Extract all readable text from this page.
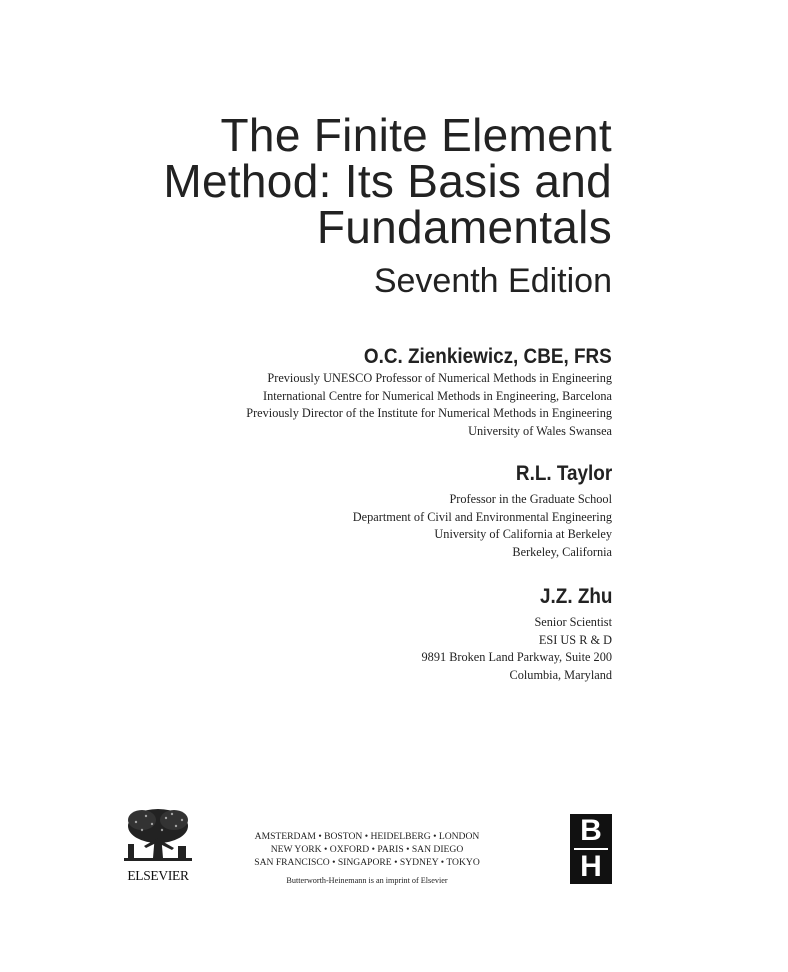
The Finite Element
Method: Its Basis and
Fundamentals
Seventh Edition
O.C. Zienkiewicz, CBE, FRS
Previously UNESCO Professor of Numerical Methods in Engineering
International Centre for Numerical Methods in Engineering, Barcelona
Previously Director of the Institute for Numerical Methods in Engineering
University of Wales Swansea
R.L. Taylor
Professor in the Graduate School
Department of Civil and Environmental Engineering
University of California at Berkeley
Berkeley, California
J.Z. Zhu
Senior Scientist
ESI US R & D
9891 Broken Land Parkway, Suite 200
Columbia, Maryland
ELSEVIER
AMSTERDAM • BOSTON • HEIDELBERG • LONDON
NEW YORK • OXFORD • PARIS • SAN DIEGO
SAN FRANCISCO • SINGAPORE • SYDNEY • TOKYO
Butterworth-Heinemann is an imprint of Elsevier
B
H
